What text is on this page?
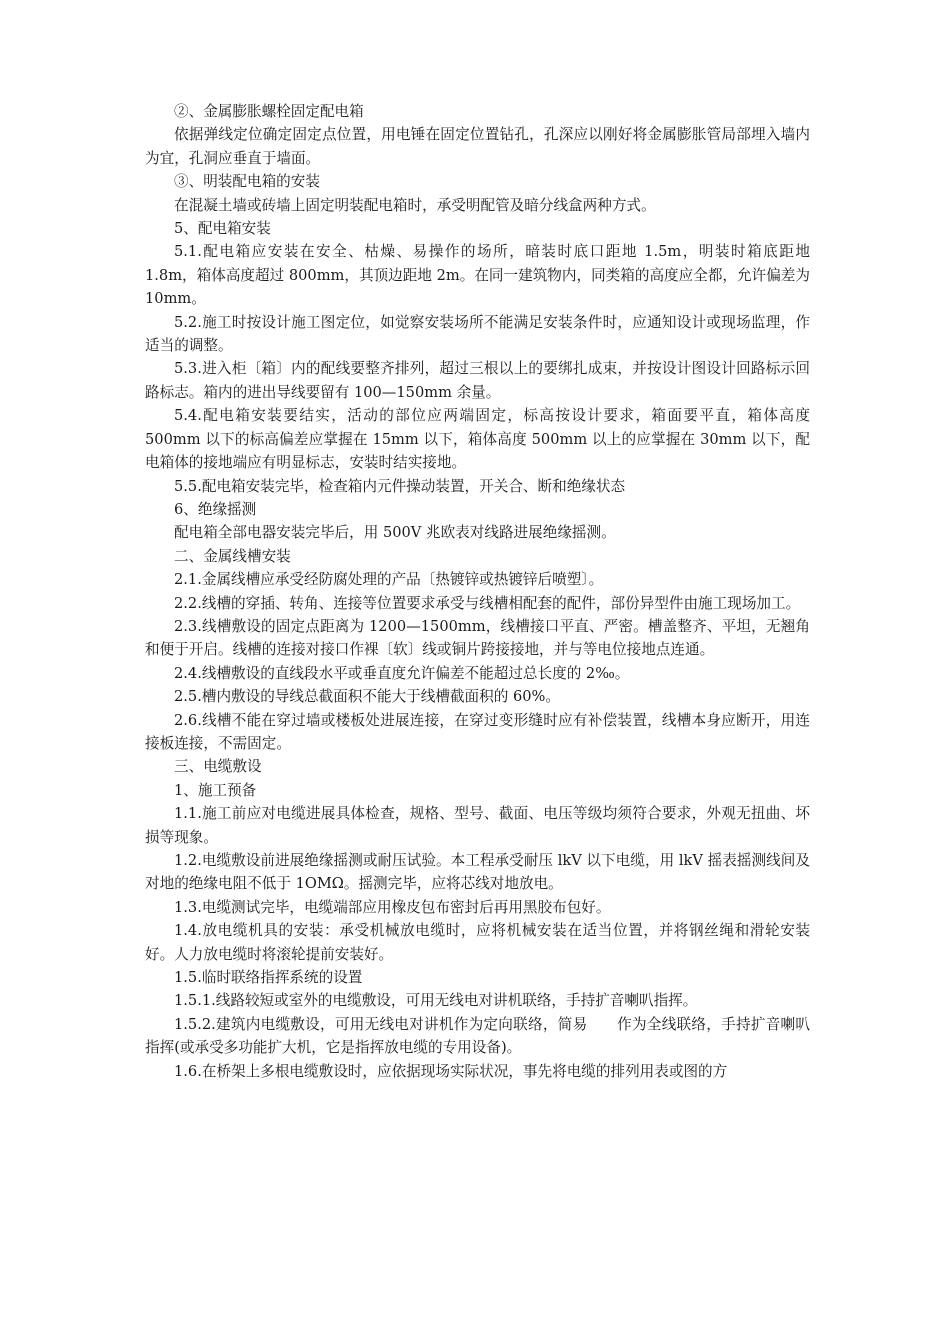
②、金属膨胀螺栓固定配电箱

依据弹线定位确定固定点位置，用电锤在固定位置钻孔，孔深应以刚好将金属膨胀管局部埋入墙内为宜，孔洞应垂直于墙面。

③、明装配电箱的安装

在混凝土墙或砖墙上固定明装配电箱时，承受明配管及暗分线盒两种方式。

5、配电箱安装

5.1.配电箱应安装在安全、枯燥、易操作的场所，暗装时底口距地 1.5m，明装时箱底距地 1.8m，箱体高度超过 800mm，其顶边距地 2m。在同一建筑物内，同类箱的高度应全都，允许偏差为 10mm。

5.2.施工时按设计施工图定位，如觉察安装场所不能满足安装条件时，应通知设计或现场监理，作适当的调整。

5.3.进入柜〔箱〕内的配线要整齐排列，超过三根以上的要绑扎成束，并按设计图设计回路标示回路标志。箱内的进出导线要留有 100—150mm 余量。

5.4.配电箱安装要结实，活动的部位应两端固定，标高按设计要求，箱面要平直，箱体高度 500mm 以下的标高偏差应掌握在 15mm 以下，箱体高度 500mm 以上的应掌握在 30mm 以下，配电箱体的接地端应有明显标志，安装时结实接地。

5.5.配电箱安装完毕，检查箱内元件操动装置，开关合、断和绝缘状态

6、绝缘摇测

配电箱全部电器安装完毕后，用 500V 兆欧表对线路进展绝缘摇测。

二、金属线槽安装

2.1.金属线槽应承受经防腐处理的产品〔热镀锌或热镀锌后喷塑〕。

2.2.线槽的穿插、转角、连接等位置要求承受与线槽相配套的配件，部份异型件由施工现场加工。

2.3.线槽敷设的固定点距离为 1200—1500mm，线槽接口平直、严密。槽盖整齐、平坦，无翘角和便于开启。线槽的连接对接口作裸〔软〕线或铜片跨接接地，并与等电位接地点连通。

2.4.线槽敷设的直线段水平或垂直度允许偏差不能超过总长度的 2‰。

2.5.槽内敷设的导线总截面积不能大于线槽截面积的 60%。

2.6.线槽不能在穿过墙或楼板处进展连接，在穿过变形缝时应有补偿装置，线槽本身应断开，用连接板连接，不需固定。

三、电缆敷设

1、施工预备

1.1.施工前应对电缆进展具体检查，规格、型号、截面、电压等级均须符合要求，外观无扭曲、坏损等现象。

1.2.电缆敷设前进展绝缘摇测或耐压试验。本工程承受耐压 lkV 以下电缆，用 lkV 摇表摇测线间及对地的绝缘电阻不低于 1OMΩ。摇测完毕，应将芯线对地放电。

1.3.电缆测试完毕，电缆端部应用橡皮包布密封后再用黑胶布包好。

1.4.放电缆机具的安装：承受机械放电缆时，应将机械安装在适当位置，并将钢丝绳和滑轮安装好。人力放电缆时将滚轮提前安装好。

1.5.临时联络指挥系统的设置

1.5.1.线路较短或室外的电缆敷设，可用无线电对讲机联络，手持扩音喇叭指挥。

1.5.2.建筑内电缆敷设，可用无线电对讲机作为定向联络，简易　　作为全线联络，手持扩音喇叭指挥(或承受多功能扩大机，它是指挥放电缆的专用设备)。

1.6.在桥架上多根电缆敷设时，应依据现场实际状况，事先将电缆的排列用表或图的方
